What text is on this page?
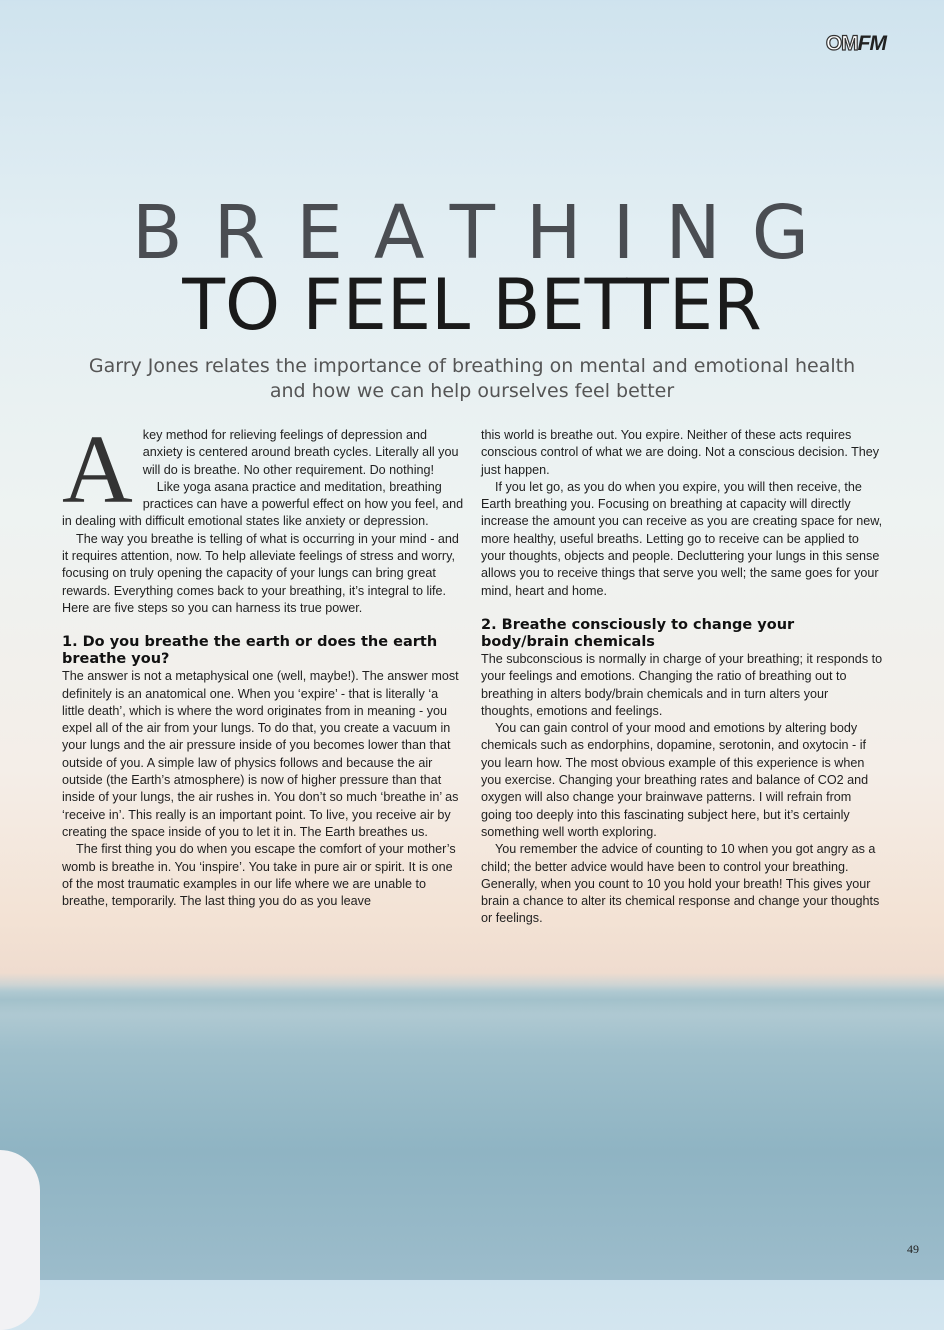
OMFM
BREATHING
TO FEEL BETTER
Garry Jones relates the importance of breathing on mental and emotional health
and how we can help ourselves feel better
A key method for relieving feelings of depression and anxiety is centered around breath cycles. Literally all you will do is breathe. No other requirement. Do nothing!

Like yoga asana practice and meditation, breathing practices can have a powerful effect on how you feel, and in dealing with difficult emotional states like anxiety or depression.

The way you breathe is telling of what is occurring in your mind - and it requires attention, now. To help alleviate feelings of stress and worry, focusing on truly opening the capacity of your lungs can bring great rewards. Everything comes back to your breathing, it’s integral to life. Here are five steps so you can harness its true power.

1. Do you breathe the earth or does the earth breathe you?

The answer is not a metaphysical one (well, maybe!). The answer most definitely is an anatomical one. When you ‘expire’ - that is literally ‘a little death’, which is where the word originates from in meaning - you expel all of the air from your lungs. To do that, you create a vacuum in your lungs and the air pressure inside of you becomes lower than that outside of you. A simple law of physics follows and because the air outside (the Earth’s atmosphere) is now of higher pressure than that inside of your lungs, the air rushes in. You don’t so much ‘breathe in’ as ‘receive in’. This really is an important point. To live, you receive air by creating the space inside of you to let it in. The Earth breathes us.

The first thing you do when you escape the comfort of your mother’s womb is breathe in. You ‘inspire’. You take in pure air or spirit. It is one of the most traumatic examples in our life where we are unable to breathe, temporarily. The last thing you do as you leave

this world is breathe out. You expire. Neither of these acts requires conscious control of what we are doing. Not a conscious decision. They just happen.

If you let go, as you do when you expire, you will then receive, the Earth breathing you. Focusing on breathing at capacity will directly increase the amount you can receive as you are creating space for new, more healthy, useful breaths. Letting go to receive can be applied to your thoughts, objects and people. Decluttering your lungs in this sense allows you to receive things that serve you well; the same goes for your mind, heart and home.

2. Breathe consciously to change your body/brain chemicals

The subconscious is normally in charge of your breathing; it responds to your feelings and emotions. Changing the ratio of breathing out to breathing in alters body/brain chemicals and in turn alters your thoughts, emotions and feelings.

You can gain control of your mood and emotions by altering body chemicals such as endorphins, dopamine, serotonin, and oxytocin - if you learn how. The most obvious example of this experience is when you exercise. Changing your breathing rates and balance of CO2 and oxygen will also change your brainwave patterns. I will refrain from going too deeply into this fascinating subject here, but it’s certainly something well worth exploring.

You remember the advice of counting to 10 when you got angry as a child; the better advice would have been to control your breathing. Generally, when you count to 10 you hold your breath! This gives your brain a chance to alter its chemical response and change your thoughts or feelings.

49
